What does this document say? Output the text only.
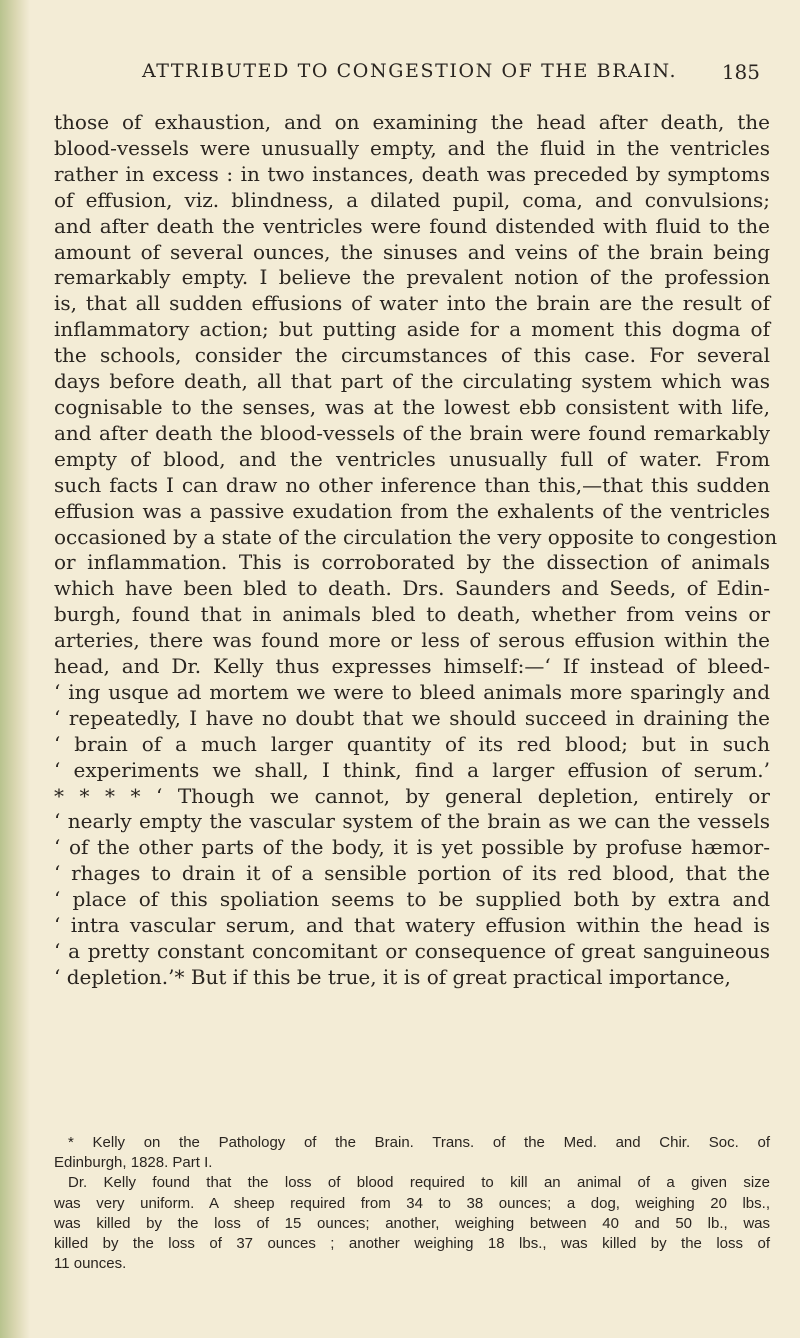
ATTRIBUTED TO CONGESTION OF THE BRAIN. 185
those of exhaustion, and on examining the head after death, the
blood-vessels were unusually empty, and the fluid in the ventricles
rather in excess : in two instances, death was preceded by symptoms
of effusion, viz. blindness, a dilated pupil, coma, and convulsions;
and after death the ventricles were found distended with fluid to the
amount of several ounces, the sinuses and veins of the brain being
remarkably empty. I believe the prevalent notion of the profession
is, that all sudden effusions of water into the brain are the result of
inflammatory action; but putting aside for a moment this dogma of
the schools, consider the circumstances of this case. For several
days before death, all that part of the circulating system which was
cognisable to the senses, was at the lowest ebb consistent with life,
and after death the blood-vessels of the brain were found remarkably
empty of blood, and the ventricles unusually full of water. From
such facts I can draw no other inference than this,—that this sudden
effusion was a passive exudation from the exhalents of the ventricles
occasioned by a state of the circulation the very opposite to congestion
or inflammation. This is corroborated by the dissection of animals
which have been bled to death. Drs. Saunders and Seeds, of Edin-
burgh, found that in animals bled to death, whether from veins or
arteries, there was found more or less of serous effusion within the
head, and Dr. Kelly thus expresses himself:—‘ If instead of bleed-
‘ ing usque ad mortem we were to bleed animals more sparingly and
‘ repeatedly, I have no doubt that we should succeed in draining the
‘ brain of a much larger quantity of its red blood; but in such
‘ experiments we shall, I think, find a larger effusion of serum.’
* * * * ‘ Though we cannot, by general depletion, entirely or
‘ nearly empty the vascular system of the brain as we can the vessels
‘ of the other parts of the body, it is yet possible by profuse hæmor-
‘ rhages to drain it of a sensible portion of its red blood, that the
‘ place of this spoliation seems to be supplied both by extra and
‘ intra vascular serum, and that watery effusion within the head is
‘ a pretty constant concomitant or consequence of great sanguineous
‘ depletion.’* But if this be true, it is of great practical importance,
* Kelly on the Pathology of the Brain. Trans. of the Med. and Chir. Soc. of
Edinburgh, 1828. Part I.
Dr. Kelly found that the loss of blood required to kill an animal of a given size
was very uniform. A sheep required from 34 to 38 ounces; a dog, weighing 20 lbs.,
was killed by the loss of 15 ounces; another, weighing between 40 and 50 lb., was
killed by the loss of 37 ounces ; another weighing 18 lbs., was killed by the loss of
11 ounces.
